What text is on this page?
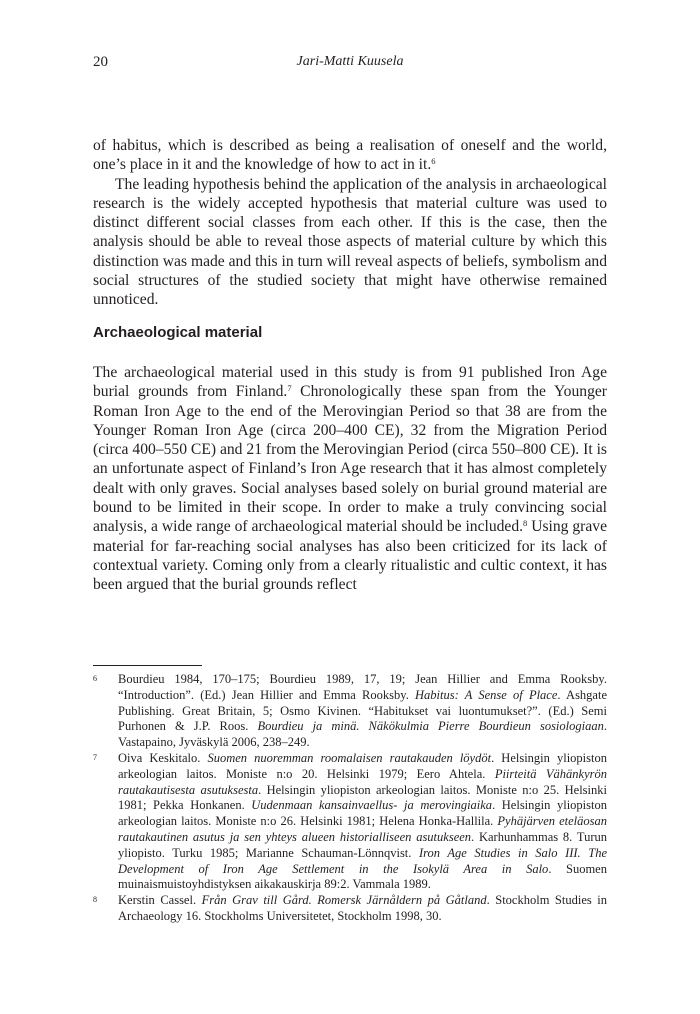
20	Jari-Matti Kuusela

of habitus, which is described as being a realisation of oneself and the world, one’s place in it and the knowledge of how to act in it.$^6$

The leading hypothesis behind the application of the analysis in archaeological research is the widely accepted hypothesis that material culture was used to distinct different social classes from each other. If this is the case, then the analysis should be able to reveal those aspects of material culture by which this distinction was made and this in turn will reveal aspects of beliefs, symbolism and social structures of the studied society that might have otherwise remained unnoticed.

Archaeological material

The archaeological material used in this study is from 91 published Iron Age burial grounds from Finland.$^7$ Chronologically these span from the Younger Roman Iron Age to the end of the Merovingian Period so that 38 are from the Younger Roman Iron Age (circa 200–400 CE), 32 from the Migration Period (circa 400–550 CE) and 21 from the Merovingian Period (circa 550–800 CE). It is an unfortunate aspect of Finland’s Iron Age research that it has almost completely dealt with only graves. Social analyses based solely on burial ground material are bound to be limited in their scope. In order to make a truly convincing social analysis, a wide range of archaeological material should be included.$^8$ Using grave material for far-reaching social analyses has also been criticized for its lack of contextual variety. Coming only from a clearly ritualistic and cultic context, it has been argued that the burial grounds reflect

6 Bourdieu 1984, 170–175; Bourdieu 1989, 17, 19; Jean Hillier and Emma Rooksby. “Introduction”. (Ed.) Jean Hillier and Emma Rooksby. Habitus: A Sense of Place. Ashgate Publishing. Great Britain, 5; Osmo Kivinen. “Habitukset vai luontumukset?”. (Ed.) Semi Purhonen & J.P. Roos. Bourdieu ja minä. Näkökulmia Pierre Bourdieun sosiologiaan. Vastapaino, Jyväskylä 2006, 238–249.

7 Oiva Keskitalo. Suomen nuoremman roomalaisen rautakauden löydöt. Helsingin yliopiston arkeologian laitos. Moniste n:o 20. Helsinki 1979; Eero Ahtela. Piirteitä Vähänkyrön rautakautisesta asutuksesta. Helsingin yliopiston arkeologian laitos. Moniste n:o 25. Helsinki 1981; Pekka Honkanen. Uudenmaan kansainvaellus- ja merovingiaika. Helsingin yliopiston arkeologian laitos. Moniste n:o 26. Helsinki 1981; Helena Honka-Hallila. Pyhäjärven eteläosan rautakautinen asutus ja sen yhteys alueen historialliseen asutukseen. Karhunhammas 8. Turun yliopisto. Turku 1985; Marianne Schauman-Lönnqvist. Iron Age Studies in Salo III. The Development of Iron Age Settlement in the Isokylä Area in Salo. Suomen muinaismuistoyhdistyksen aikakauskirja 89:2. Vammala 1989.

8 Kerstin Cassel. Från Grav till Gård. Romersk Järnåldern på Gåtland. Stockholm Studies in Archaeology 16. Stockholms Universitetet, Stockholm 1998, 30.
